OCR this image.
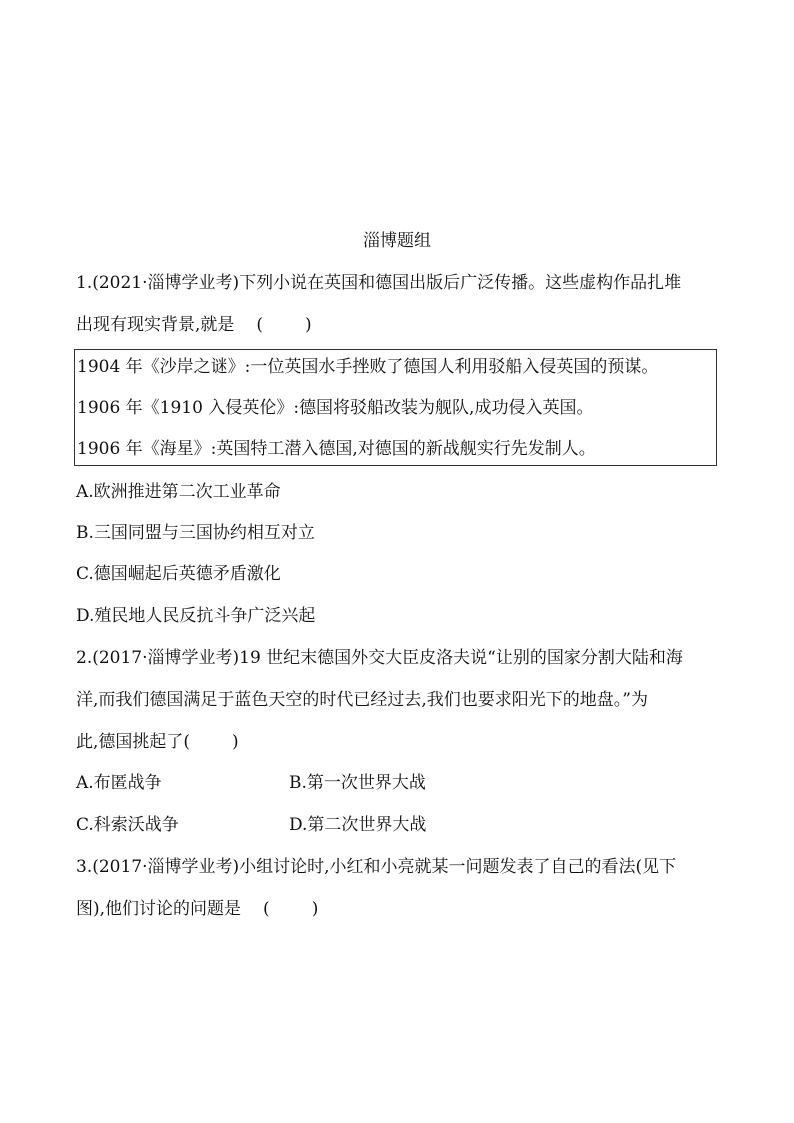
淄博题组
1.(2021·淄博学业考)下列小说在英国和德国出版后广泛传播。这些虚构作品扎堆
出现有现实背景,就是 ( )
1904 年《沙岸之谜》:一位英国水手挫败了德国人利用驳船入侵英国的预谋。
1906 年《1910 入侵英伦》:德国将驳船改装为舰队,成功侵入英国。
1906 年《海星》:英国特工潜入德国,对德国的新战舰实行先发制人。
A.欧洲推进第二次工业革命
B.三国同盟与三国协约相互对立
C.德国崛起后英德矛盾激化
D.殖民地人民反抗斗争广泛兴起
2.(2017·淄博学业考)19 世纪末德国外交大臣皮洛夫说“让别的国家分割大陆和海
洋,而我们德国满足于蓝色天空的时代已经过去,我们也要求阳光下的地盘。”为
此,德国挑起了( )
A.布匿战争	B.第一次世界大战
C.科索沃战争	D.第二次世界大战
3.(2017·淄博学业考)小组讨论时,小红和小亮就某一问题发表了自己的看法(见下
图),他们讨论的问题是 ( )
